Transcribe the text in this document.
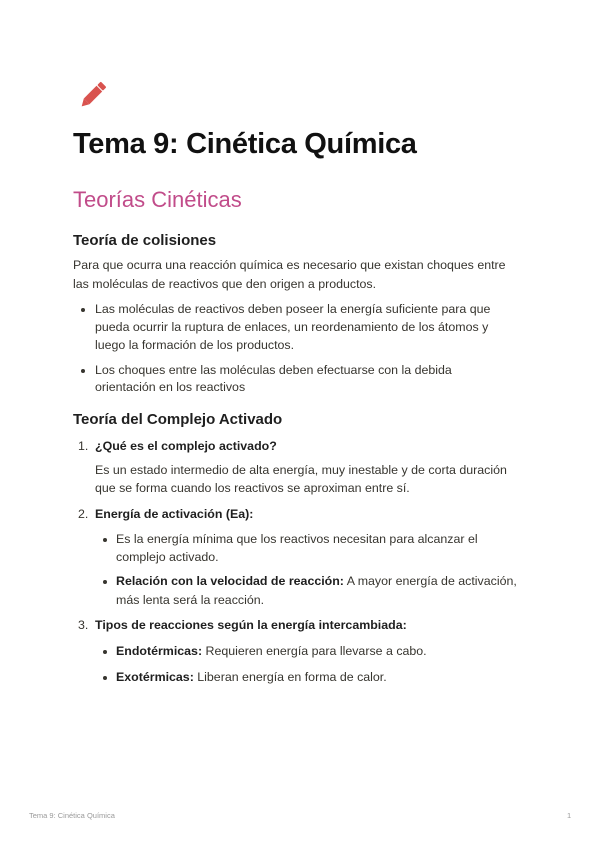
Tema 9: Cinética Química
Teorías Cinéticas
Teoría de colisiones
Para que ocurra una reacción química es necesario que existan choques entre
las moléculas de reactivos que den origen a productos.
Las moléculas de reactivos deben poseer la energía suficiente para que
pueda ocurrir la ruptura de enlaces, un reordenamiento de los átomos y
luego la formación de los productos.
Los choques entre las moléculas deben efectuarse con la debida
orientación en los reactivos
Teoría del Complejo Activado
1. ¿Qué es el complejo activado?
Es un estado intermedio de alta energía, muy inestable y de corta duración
que se forma cuando los reactivos se aproximan entre sí.
2. Energía de activación (Ea):
Es la energía mínima que los reactivos necesitan para alcanzar el
complejo activado.
Relación con la velocidad de reacción: A mayor energía de activación,
más lenta será la reacción.
3. Tipos de reacciones según la energía intercambiada:
Endotérmicas: Requieren energía para llevarse a cabo.
Exotérmicas: Liberan energía en forma de calor.
Tema 9: Cinética Química	1
